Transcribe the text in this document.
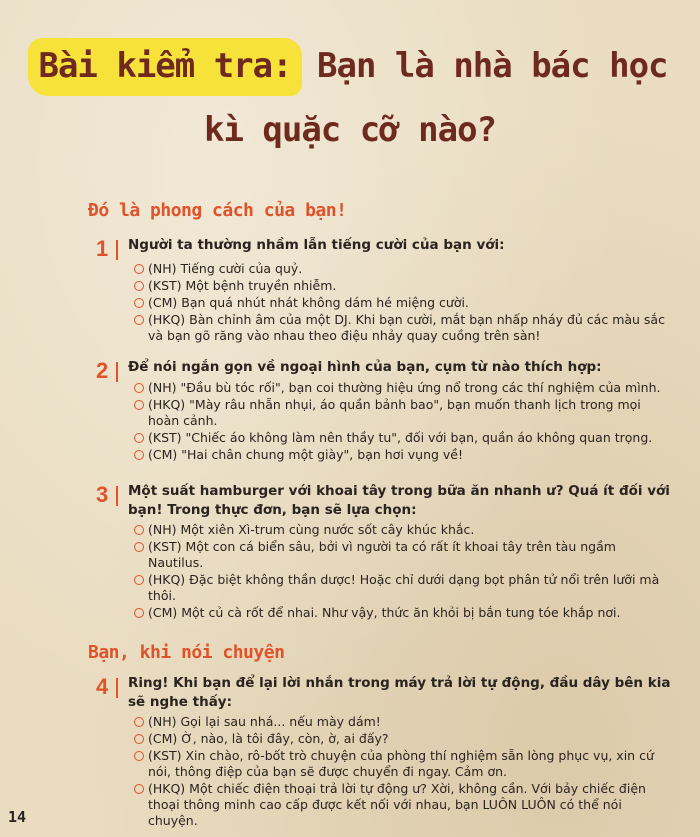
Bài kiểm tra: Bạn là nhà bác học
kì quặc cỡ nào?
Đó là phong cách của bạn!
1 Người ta thường nhầm lẫn tiếng cười của bạn với:
(NH) Tiếng cười của quỷ.
(KST) Một bệnh truyền nhiễm.
(CM) Bạn quá nhút nhát không dám hé miệng cười.
(HKQ) Bàn chỉnh âm của một DJ. Khi bạn cười, mắt bạn nhấp nháy đủ các màu sắc và bạn gõ răng vào nhau theo điệu nhảy quay cuồng trên sàn!
2 Để nói ngắn gọn về ngoại hình của bạn, cụm từ nào thích hợp:
(NH) "Đầu bù tóc rối", bạn coi thường hiệu ứng nổ trong các thí nghiệm của mình.
(HKQ) "Mày râu nhẵn nhụi, áo quần bảnh bao", bạn muốn thanh lịch trong mọi hoàn cảnh.
(KST) "Chiếc áo không làm nên thầy tu", đối với bạn, quần áo không quan trọng.
(CM) "Hai chân chung một giày", bạn hơi vụng về!
3 Một suất hamburger với khoai tây trong bữa ăn nhanh ư? Quá ít đối với bạn! Trong thực đơn, bạn sẽ lựa chọn:
(NH) Một xiên Xì-trum cùng nước sốt cây khúc khắc.
(KST) Một con cá biển sâu, bởi vì người ta có rất ít khoai tây trên tàu ngầm Nautilus.
(HKQ) Đặc biệt không thần dược! Hoặc chỉ dưới dạng bọt phân tử nổi trên lưỡi mà thôi.
(CM) Một củ cà rốt để nhai. Như vậy, thức ăn khỏi bị bắn tung tóe khắp nơi.
Bạn, khi nói chuyện
4 Ring! Khi bạn để lại lời nhắn trong máy trả lời tự động, đầu dây bên kia sẽ nghe thấy:
(NH) Gọi lại sau nhá... nếu mày dám!
(CM) Ờ, nào, là tôi đây, còn, ờ, ai đấy?
(KST) Xin chào, rô-bốt trò chuyện của phòng thí nghiệm sẵn lòng phục vụ, xin cứ nói, thông điệp của bạn sẽ được chuyển đi ngay. Cảm ơn.
(HKQ) Một chiếc điện thoại trả lời tự động ư? Xời, không cần. Với bảy chiếc điện thoại thông minh cao cấp được kết nối với nhau, bạn LUÔN LUÔN có thể nói chuyện.
14
